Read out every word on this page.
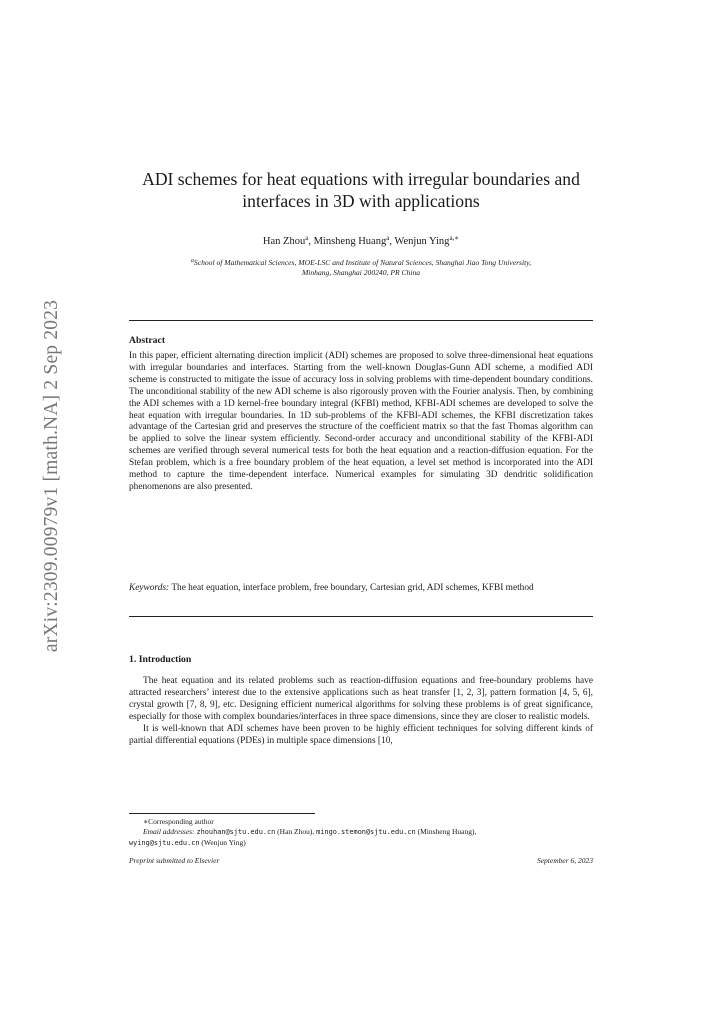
arXiv:2309.00979v1 [math.NA] 2 Sep 2023
ADI schemes for heat equations with irregular boundaries and
interfaces in 3D with applications
Han Zhou$^a$, Minsheng Huang$^a$, Wenjun Ying$^{a,∗}$
$^a$School of Mathematical Sciences, MOE-LSC and Institute of Natural Sciences, Shanghai Jiao Tong University,
Minhang, Shanghai 200240, PR China
Abstract
In this paper, efficient alternating direction implicit (ADI) schemes are proposed to solve three-dimensional heat equations with irregular boundaries and interfaces. Starting from the well-known Douglas-Gunn ADI scheme, a modified ADI scheme is constructed to mitigate the issue of accuracy loss in solving problems with time-dependent boundary conditions. The unconditional stability of the new ADI scheme is also rigorously proven with the Fourier analysis. Then, by combining the ADI schemes with a 1D kernel-free boundary integral (KFBI) method, KFBI-ADI schemes are developed to solve the heat equation with irregular boundaries. In 1D sub-problems of the KFBI-ADI schemes, the KFBI discretization takes advantage of the Cartesian grid and preserves the structure of the coefficient matrix so that the fast Thomas algorithm can be applied to solve the linear system efficiently. Second-order accuracy and unconditional stability of the KFBI-ADI schemes are verified through several numerical tests for both the heat equation and a reaction-diffusion equation. For the Stefan problem, which is a free boundary problem of the heat equation, a level set method is incorporated into the ADI method to capture the time-dependent interface. Numerical examples for simulating 3D dendritic solidification phenomenons are also presented.
Keywords: The heat equation, interface problem, free boundary, Cartesian grid, ADI schemes, KFBI method
1. Introduction

The heat equation and its related problems such as reaction-diffusion equations and free-boundary problems have attracted researchers’ interest due to the extensive applications such as heat transfer [1, 2, 3], pattern formation [4, 5, 6], crystal growth [7, 8, 9], etc. Designing efficient numerical algorithms for solving these problems is of great significance, especially for those with complex boundaries/interfaces in three space dimensions, since they are closer to realistic models.

It is well-known that ADI schemes have been proven to be highly efficient techniques for solving different kinds of partial differential equations (PDEs) in multiple space dimensions [10,

∗Corresponding author
Email addresses: zhouhan@sjtu.edu.cn (Han Zhou), mingo.stemon@sjtu.edu.cn (Minsheng Huang),
wying@sjtu.edu.cn (Wenjun Ying)
Preprint submitted to Elsevier	September 6, 2023
